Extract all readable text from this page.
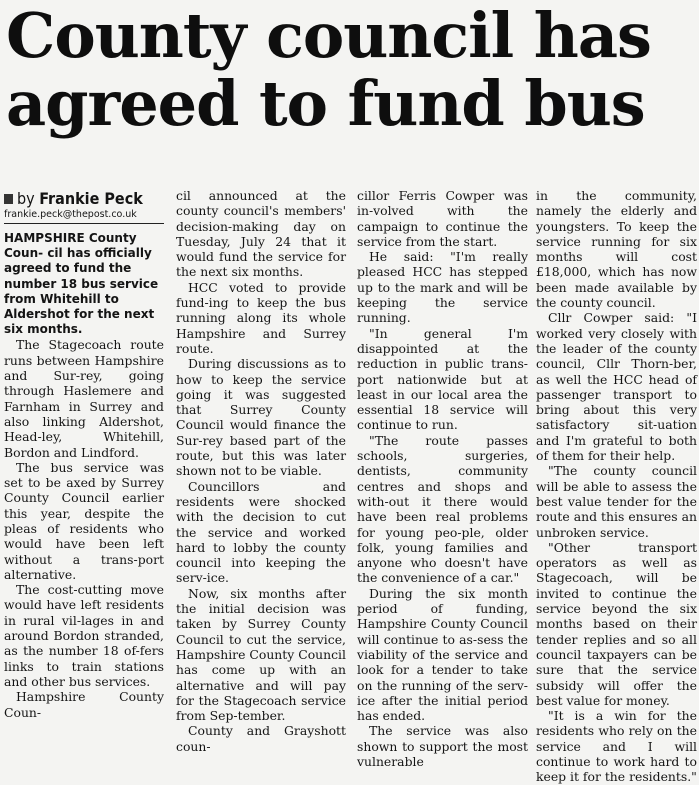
County council has
agreed to fund bus
by Frankie Peck
frankie.peck@thepost.co.uk

HAMPSHIRE County Coun- cil has officially agreed to fund the number 18 bus service from Whitehill to Aldershot for the next six months.

The Stagecoach route runs between Hampshire and Sur-rey, going through Haslemere and Farnham in Surrey and also linking Aldershot, Head-ley, Whitehill, Bordon and Lindford.

The bus service was set to be axed by Surrey County Council earlier this year, despite the pleas of residents who would have been left without a trans-port alternative.

The cost-cutting move would have left residents in rural vil-lages in and around Bordon stranded, as the number 18 of-fers links to train stations and other bus services.

Hampshire County Coun-

cil announced at the county council's members' decision-making day on Tuesday, July 24 that it would fund the service for the next six months.

HCC voted to provide fund-ing to keep the bus running along its whole Hampshire and Surrey route.

During discussions as to how to keep the service going it was suggested that Surrey County Council would finance the Sur-rey based part of the route, but this was later shown not to be viable.

Councillors and residents were shocked with the decision to cut the service and worked hard to lobby the county council into keeping the serv-ice.

Now, six months after the initial decision was taken by Surrey County Council to cut the service, Hampshire County Council has come up with an alternative and will pay for the Stagecoach service from Sep-tember.

County and Grayshott coun-

cillor Ferris Cowper was in-volved with the campaign to continue the service from the start.

He said: "I'm really pleased HCC has stepped up to the mark and will be keeping the service running.

"In general I'm disappointed at the reduction in public trans-port nationwide but at least in our local area the essential 18 service will continue to run.

"The route passes schools, surgeries, dentists, community centres and shops and with-out it there would have been real problems for young peo-ple, older folk, young families and anyone who doesn't have the convenience of a car."

During the six month period of funding, Hampshire County Council will continue to as-sess the viability of the service and look for a tender to take on the running of the serv-ice after the initial period has ended.

The service was also shown to support the most vulnerable

in the community, namely the elderly and youngsters. To keep the service running for six months will cost £18,000, which has now been made available by the county council.

Cllr Cowper said: "I worked very closely with the leader of the county council, Cllr Thorn-ber, as well the HCC head of passenger transport to bring about this very satisfactory sit-uation and I'm grateful to both of them for their help.

"The county council will be able to assess the best value tender for the route and this ensures an unbroken service.

"Other transport operators as well as Stagecoach, will be invited to continue the service beyond the six months based on their tender replies and so all council taxpayers can be sure that the service subsidy will offer the best value for money.

"It is a win for the residents who rely on the service and I will continue to work hard to keep it for the residents."
